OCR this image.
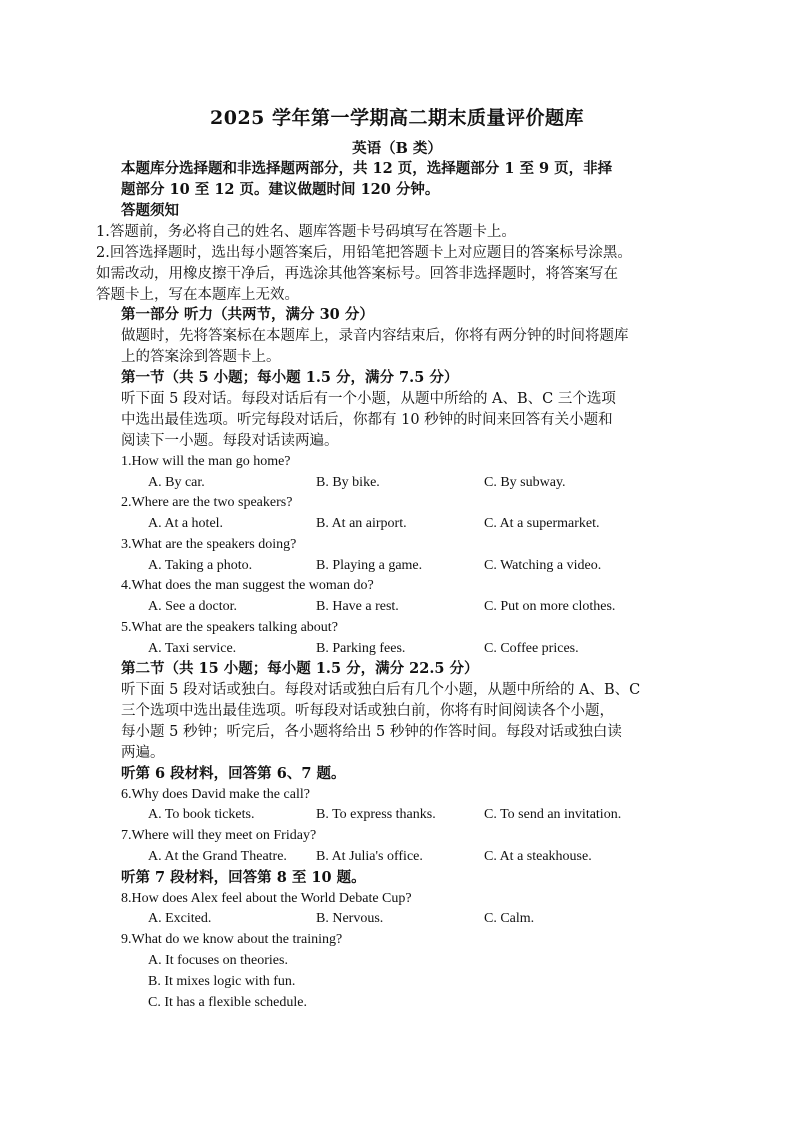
2025 学年第一学期高二期末质量评价题库
英语（B 类）
本题库分选择题和非选择题两部分，共 12 页，选择题部分 1 至 9 页，非择
题部分 10 至 12 页。建议做题时间 120 分钟。
答题须知
1.答题前，务必将自己的姓名、题库答题卡号码填写在答题卡上。
2.回答选择题时，选出每小题答案后，用铅笔把答题卡上对应题目的答案标号涂黑。
如需改动，用橡皮擦干净后，再选涂其他答案标号。回答非选择题时，将答案写在
答题卡上，写在本题库上无效。
第一部分 听力（共两节，满分 30 分）
做题时，先将答案标在本题库上，录音内容结束后，你将有两分钟的时间将题库
上的答案涂到答题卡上。
第一节（共 5 小题；每小题 1.5 分，满分 7.5 分）
听下面 5 段对话。每段对话后有一个小题，从题中所给的 A、B、C 三个选项
中选出最佳选项。听完每段对话后，你都有 10 秒钟的时间来回答有关小题和
阅读下一小题。每段对话读两遍。
1.How will the man go home?
A. By car.	B. By bike.	C. By subway.
2.Where are the two speakers?
A. At a hotel.	B. At an airport.	C. At a supermarket.
3.What are the speakers doing?
A. Taking a photo.	B. Playing a game.	C. Watching a video.
4.What does the man suggest the woman do?
A. See a doctor.	B. Have a rest.	C. Put on more clothes.
5.What are the speakers talking about?
A. Taxi service.	B. Parking fees.	C. Coffee prices.
第二节（共 15 小题；每小题 1.5 分，满分 22.5 分）
听下面 5 段对话或独白。每段对话或独白后有几个小题，从题中所给的 A、B、C
三个选项中选出最佳选项。听每段对话或独白前，你将有时间阅读各个小题，
每小题 5 秒钟；听完后，各小题将给出 5 秒钟的作答时间。每段对话或独白读
两遍。
听第 6 段材料，回答第 6、7 题。
6.Why does David make the call?
A. To book tickets.	B. To express thanks.	C. To send an invitation.
7.Where will they meet on Friday?
A. At the Grand Theatre. B. At Julia's office.	C. At a steakhouse.
听第 7 段材料，回答第 8 至 10 题。
8.How does Alex feel about the World Debate Cup?
A. Excited.	B. Nervous.	C. Calm.
9.What do we know about the training?
A. It focuses on theories.
B. It mixes logic with fun.
C. It has a flexible schedule.
